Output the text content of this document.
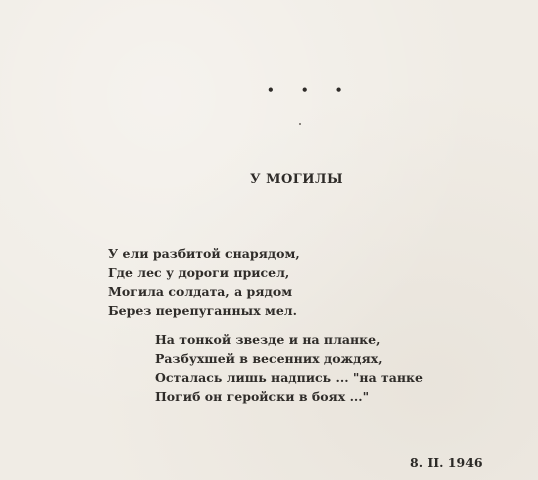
• • •
У МОГИЛЫ
У ели разбитой снарядом,
Где лес у дороги присел,
Могила солдата, а рядом
Берез перепуганных мел.
На тонкой звезде и на планке,
Разбухшей в весенних дождях,
Осталась лишь надпись ... "на танке
Погиб он геройски в боях ..."
8. II. 1946
